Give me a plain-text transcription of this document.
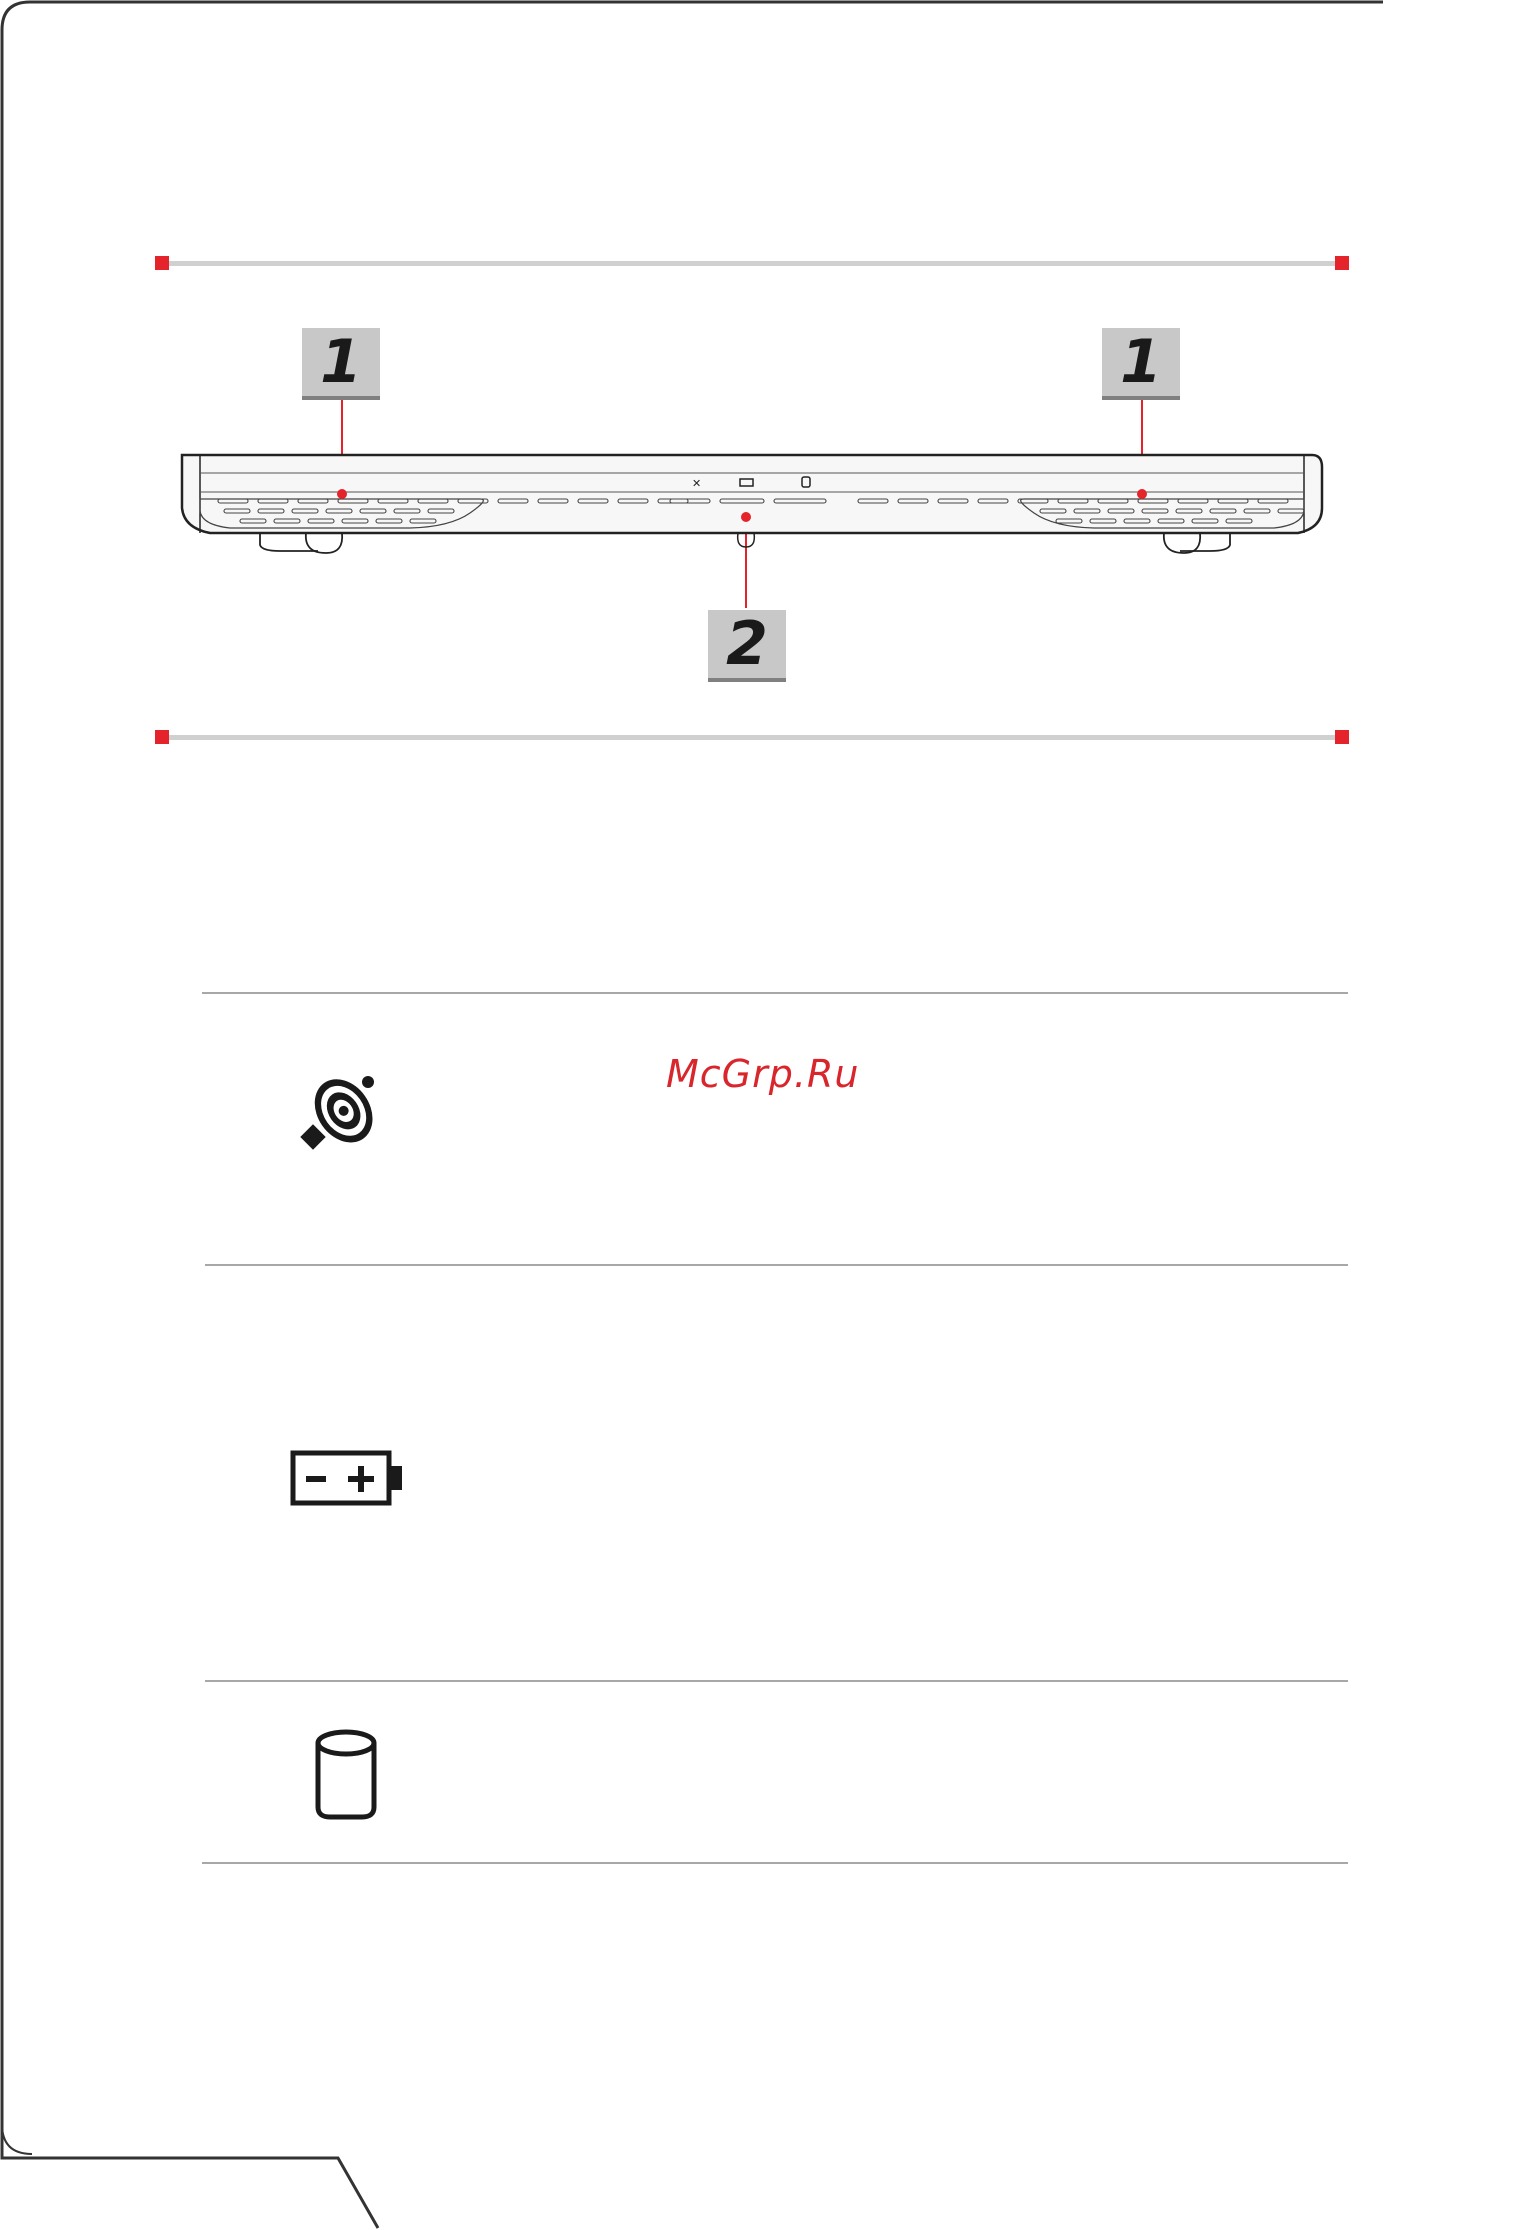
1	1
2
✕
McGrp.Ru
